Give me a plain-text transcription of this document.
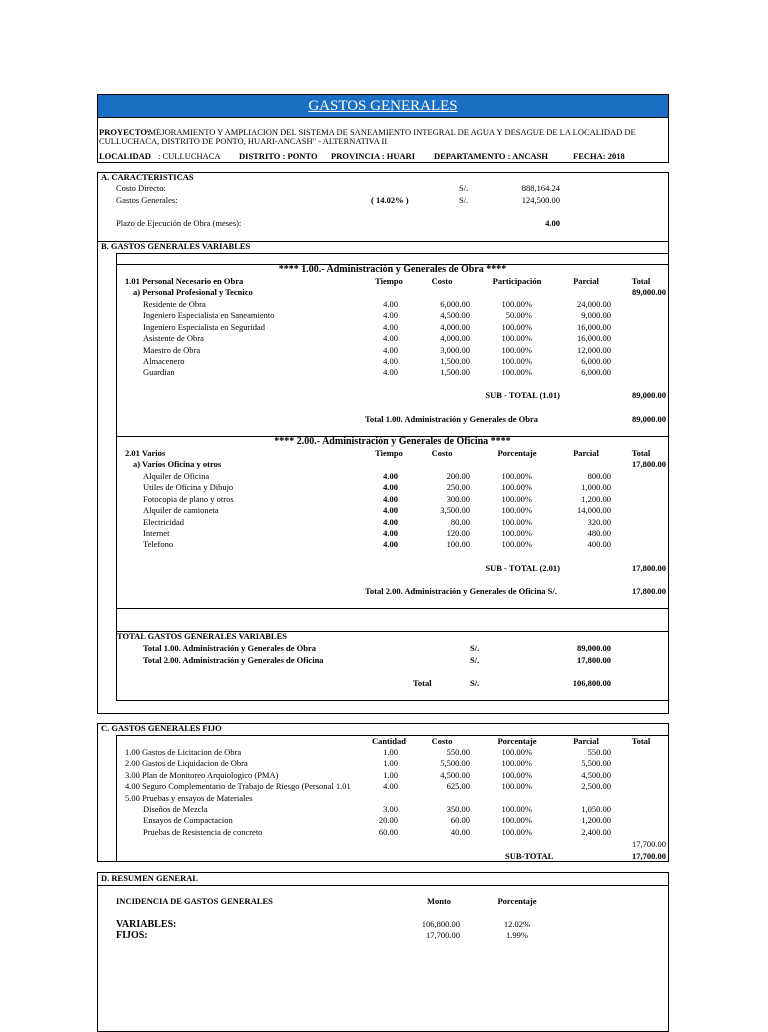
GASTOS GENERALES
PROYECTO:
"MEJORAMIENTO Y AMPLIACION DEL SISTEMA DE SANEAMIENTO INTEGRAL DE AGUA Y DESAGUE DE LA LOCALIDAD DE
CULLUCHACA, DISTRITO DE PONTO, HUARI-ANCASH" - ALTERNATIVA II
LOCALIDAD : CULLUCHACA DISTRITO : PONTO PROVINCIA : HUARI DEPARTAMENTO : ANCASH	FECHA: 2018
A. CARACTERISTICAS
Costo Directo:	S/.	888,164.24
Gastos Generales:	( 14.02% )	S/.	124,500.00
Plazo de Ejecución de Obra (meses):	4.00
B. GASTOS GENERALES VARIABLES
**** 1.00.- Administración y Generales de Obra ****
1.01 Personal Necesario en Obra	Tiempo	Costo	Participación	Parcial	Total
a) Personal Profesional y Tecnico	89,000.00
Residente de Obra	4.00	6,000.00	100.00%	24,000.00
Ingeniero Especialista en Saneamiento	4.00	4,500.00	50.00%	9,000.00
Ingeniero Especialista en Seguridad	4.00	4,000.00	100.00%	16,000.00
Asistente de Obra	4.00	4,000.00	100.00%	16,000.00
Maestro de Obra	4.00	3,000.00	100.00%	12,000.00
Almacenero	4.00	1,500.00	100.00%	6,000.00
Guardian	4.00	1,500.00	100.00%	6,000.00
SUB - TOTAL (1.01)	89,000.00
Total 1.00. Administración y Generales de Obra	89,000.00
**** 2.00.- Administración y Generales de Oficina ****
2.01 Varios	Tiempo	Costo	Porcentaje	Parcial	Total
a) Varios Oficina y otros	17,800.00
Alquiler de Oficina	4.00	200.00	100.00%	800.00
Utiles de Oficina y Dibujo	4.00	250.00	100.00%	1,000.00
Fotocopia de plano y otros	4.00	300.00	100.00%	1,200.00
Alquiler de camioneta	4.00	3,500.00	100.00%	14,000.00
Electricidad	4.00	80.00	100.00%	320.00
Internet	4.00	120.00	100.00%	480.00
Telefono	4.00	100.00	100.00%	400.00
SUB - TOTAL (2.01)	17,800.00
Total 2.00. Administración y Generales de Oficina S/.	17,800.00
TOTAL GASTOS GENERALES VARIABLES
Total 1.00. Administración y Generales de Obra	S/.	89,000.00
Total 2.00. Administración y Generales de Oficina	S/.	17,800.00
Total	S/.	106,800.00
C. GASTOS GENERALES FIJO
Cantidad	Costo	Porcentaje	Parcial	Total
1.00 Gastos de Licitacion de Obra	1.00	550.00	100.00%	550.00
2.00 Gastos de Liquidacion de Obra	1.00	5,500.00	100.00%	5,500.00
3.00 Plan de Monitoreo Arquiologico (PMA)	1.00	4,500.00	100.00%	4,500.00
4.00 Seguro Complementario de Trabajo de Riesgo (Personal 1.01	4.00	625.00	100.00%	2,500.00
5.00 Pruebas y ensayos de Materiales
Diseños de Mezcla	3.00	350.00	100.00%	1,050.00
Ensayos de Compactacion	20.00	60.00	100.00%	1,200.00
Pruebas de Resistencia de concreto	60.00	40.00	100.00%	2,400.00
17,700.00
SUB-TOTAL	17,700.00
D. RESUMEN GENERAL
INCIDENCIA DE GASTOS GENERALES	Monto	Porcentaje
VARIABLES:	106,800.00	12.02%
FIJOS:	17,700.00	1.99%
